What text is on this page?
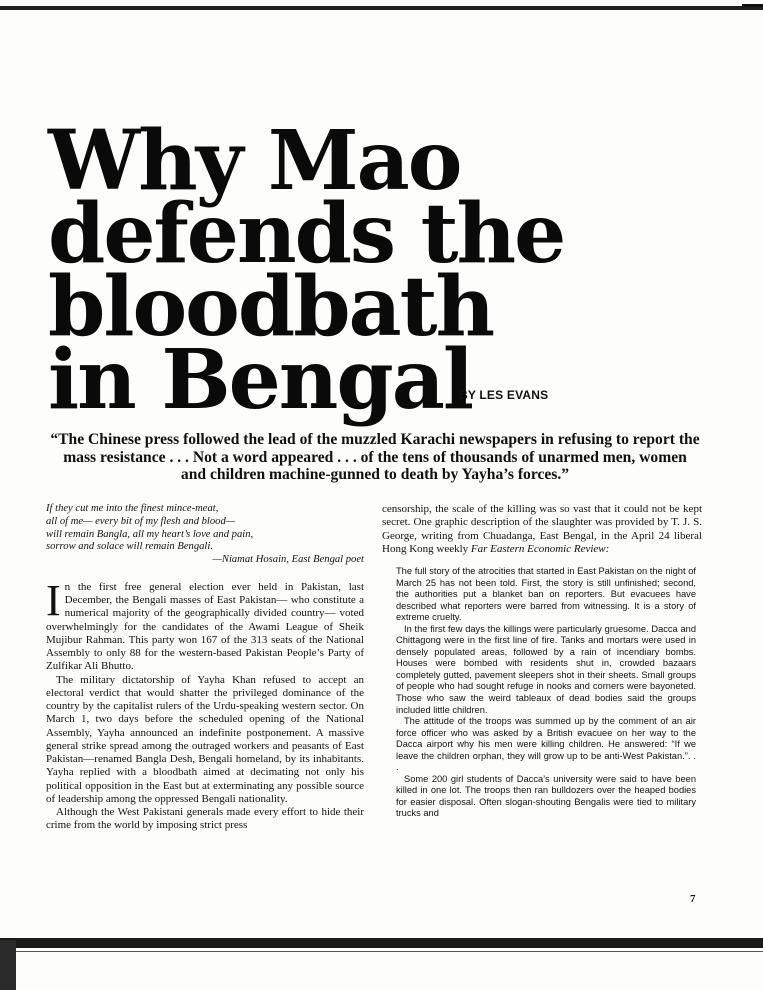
Why Mao
defends the
bloodbath
in Bengal

BY LES EVANS

“The Chinese press followed the lead of the muzzled Karachi newspapers in refusing to report the mass resistance . . . Not a word appeared . . . of the tens of thousands of unarmed men, women and children machine-gunned to death by Yayha’s forces.”

If they cut me into the finest mince-meat,
all of me— every bit of my flesh and blood—
will remain Bangla, all my heart’s love and pain,
sorrow and solace will remain Bengali.
—Niamat Hosain, East Bengal poet

In the first free general election ever held in Pakistan, last December, the Bengali masses of East Pakistan— who constitute a numerical majority of the geographically divided country— voted overwhelmingly for the candidates of the Awami League of Sheik Mujibur Rahman. This party won 167 of the 313 seats of the National Assembly to only 88 for the western-based Pakistan People’s Party of Zulfikar Ali Bhutto.

The military dictatorship of Yayha Khan refused to accept an electoral verdict that would shatter the privileged dominance of the country by the capitalist rulers of the Urdu-speaking western sector. On March 1, two days before the scheduled opening of the National Assembly, Yayha announced an indefinite postponement. A massive general strike spread among the outraged workers and peasants of East Pakistan—renamed Bangla Desh, Bengali homeland, by its inhabitants. Yayha replied with a bloodbath aimed at decimating not only his political opposition in the East but at exterminating any possible source of leadership among the oppressed Bengali nationality.

Although the West Pakistani generals made every effort to hide their crime from the world by imposing strict press

censorship, the scale of the killing was so vast that it could not be kept secret. One graphic description of the slaughter was provided by T. J. S. George, writing from Chuadanga, East Bengal, in the April 24 liberal Hong Kong weekly Far Eastern Economic Review:

The full story of the atrocities that started in East Pakistan on the night of March 25 has not been told. First, the story is still unfinished; second, the authorities put a blanket ban on reporters. But evacuees have described what reporters were barred from witnessing. It is a story of extreme cruelty.

In the first few days the killings were particularly gruesome. Dacca and Chittagong were in the first line of fire. Tanks and mortars were used in densely populated areas, followed by a rain of incendiary bombs. Houses were bombed with residents shut in, crowded bazaars completely gutted, pavement sleepers shot in their sheets. Small groups of people who had sought refuge in nooks and corners were bayoneted. Those who saw the weird tableaux of dead bodies said the groups included little children.

The attitude of the troops was summed up by the comment of an air force officer who was asked by a British evacuee on her way to the Dacca airport why his men were killing children. He answered: “If we leave the children orphan, they will grow up to be anti-West Pakistan.”. . .

Some 200 girl students of Dacca’s university were said to have been killed in one lot. The troops then ran bulldozers over the heaped bodies for easier disposal. Often slogan-shouting Bengalis were tied to military trucks and

7
